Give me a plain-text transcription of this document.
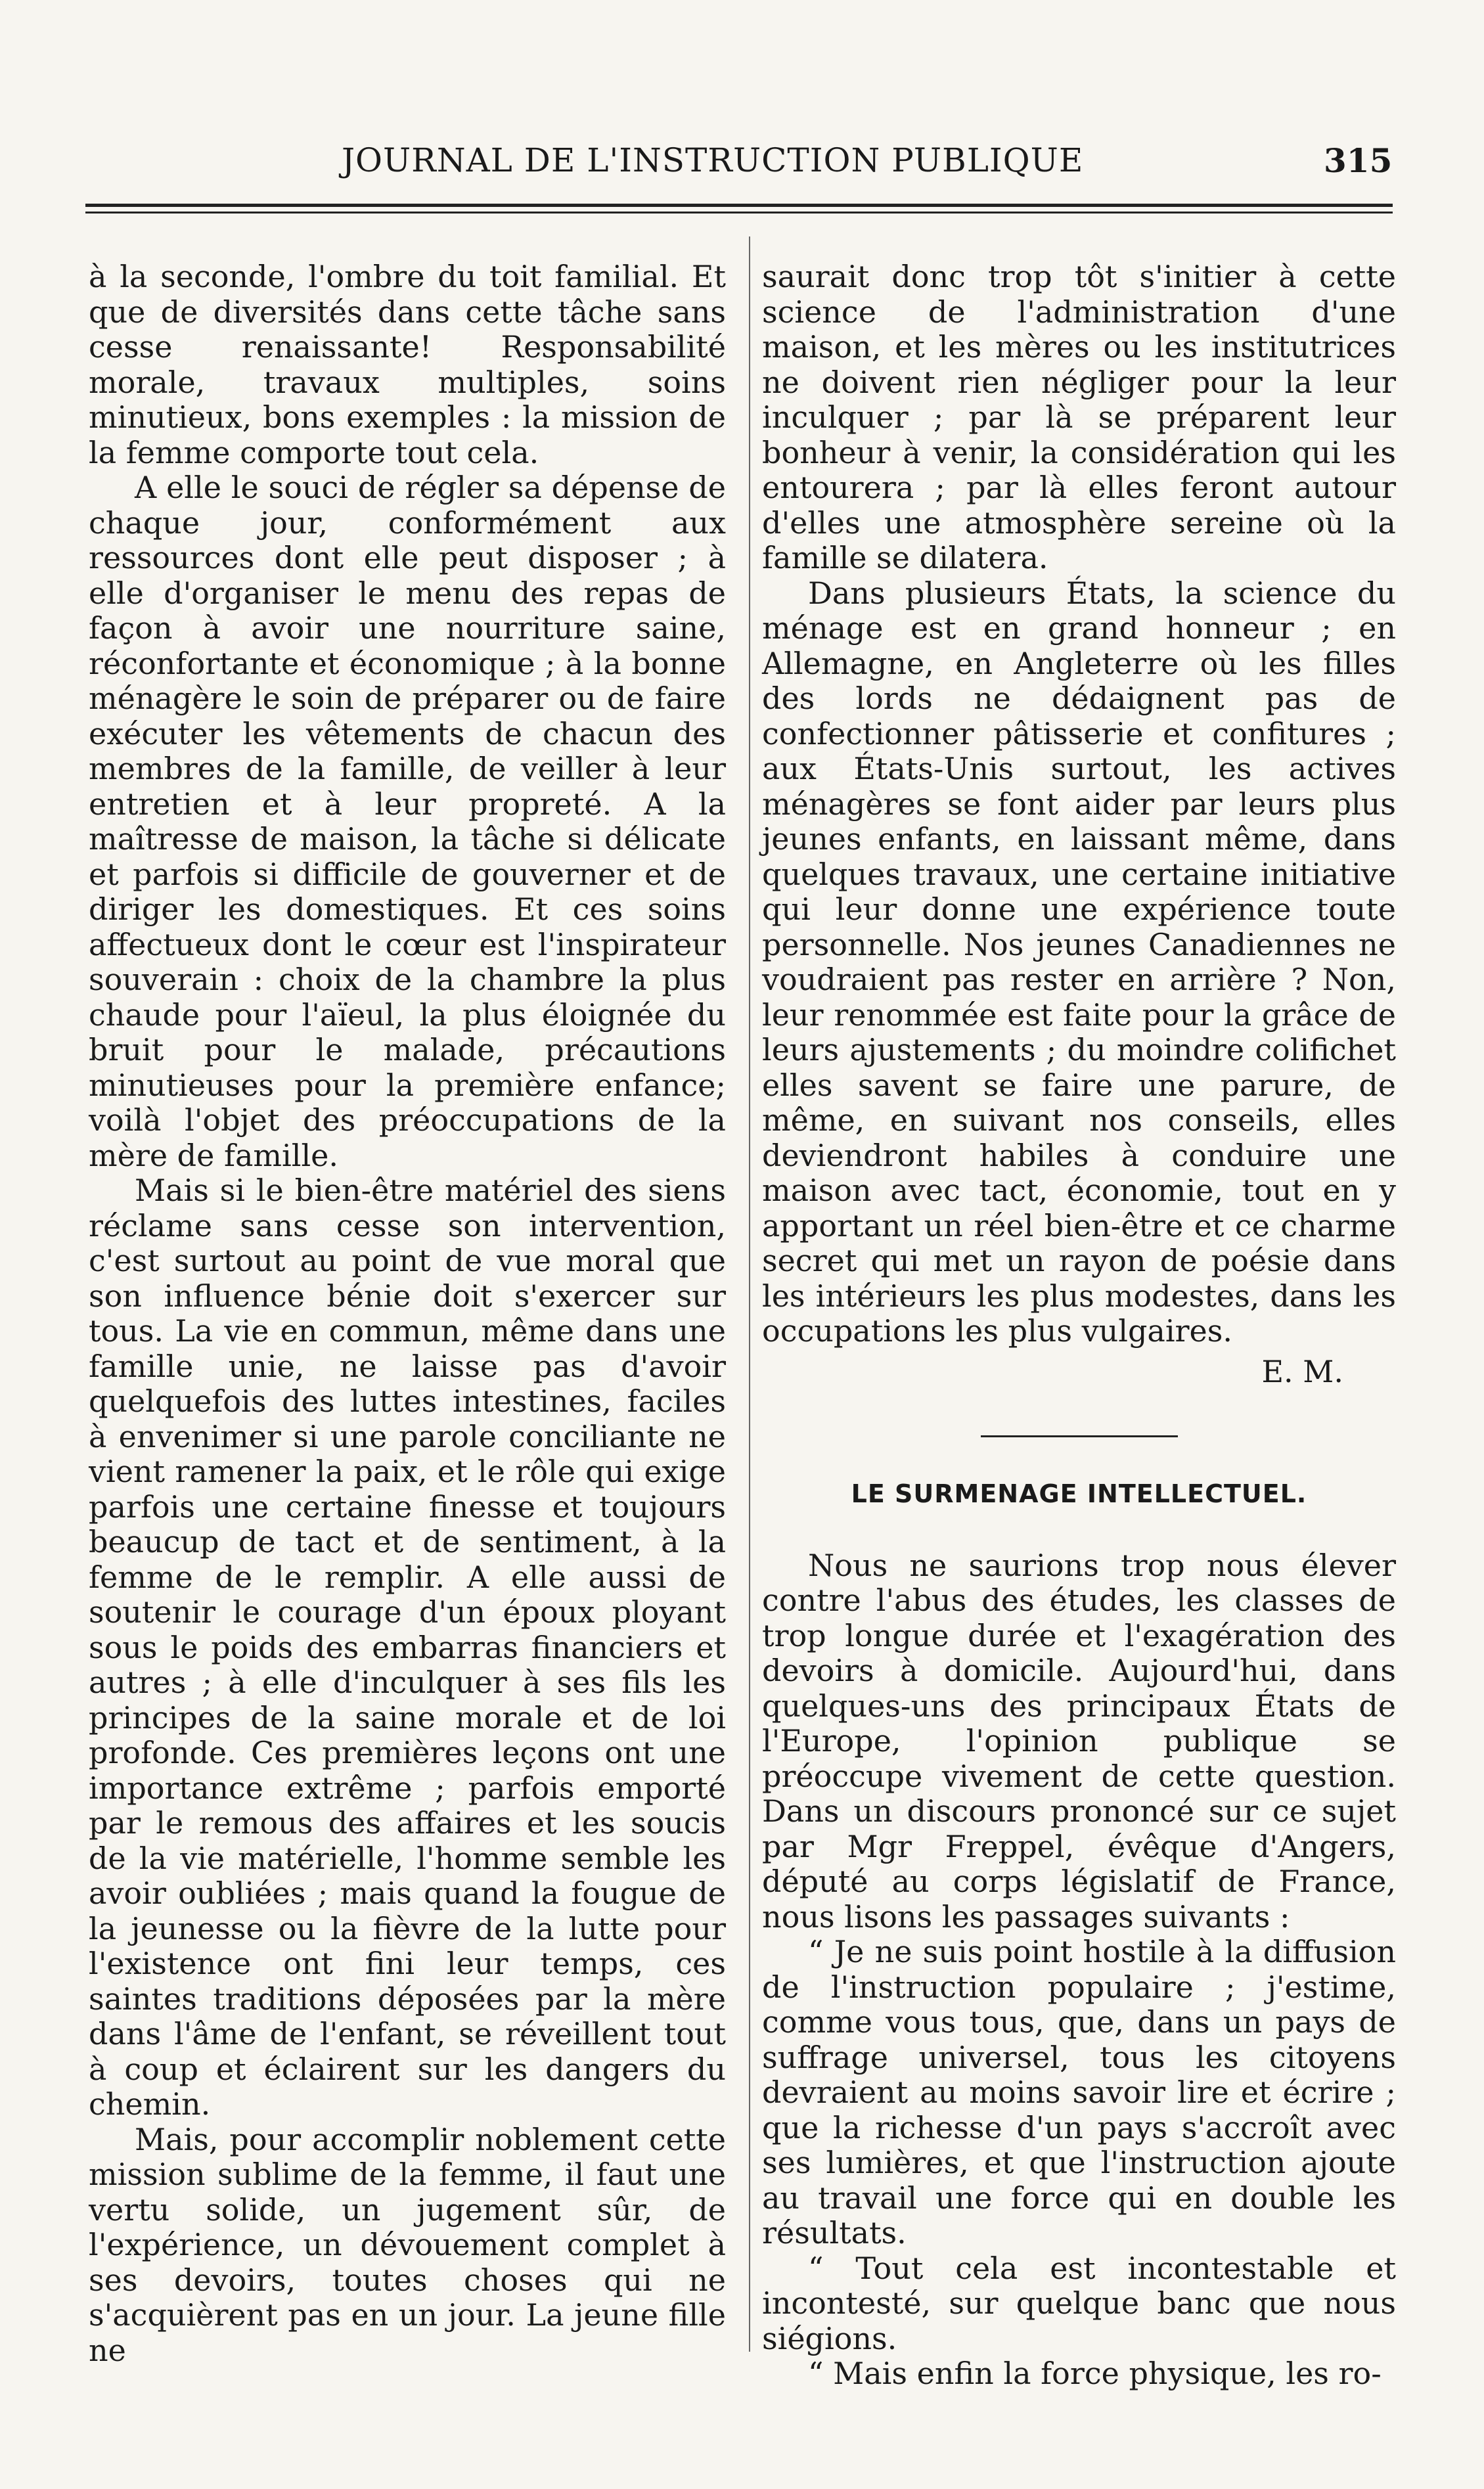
JOURNAL DE L'INSTRUCTION PUBLIQUE	315

à la seconde, l'ombre du toit familial. Et que de diversités dans cette tâche sans cesse renaissante! Responsabilité morale, travaux multiples, soins minutieux, bons exemples : la mission de la femme comporte tout cela.

A elle le souci de régler sa dépense de chaque jour, conformément aux ressources dont elle peut disposer ; à elle d'organiser le menu des repas de façon à avoir une nourriture saine, réconfortante et économique ; à la bonne ménagère le soin de préparer ou de faire exécuter les vêtements de chacun des membres de la famille, de veiller à leur entretien et à leur propreté. A la maîtresse de maison, la tâche si délicate et parfois si difficile de gouverner et de diriger les domestiques. Et ces soins affectueux dont le cœur est l'inspirateur souverain : choix de la chambre la plus chaude pour l'aïeul, la plus éloignée du bruit pour le malade, précautions minutieuses pour la première enfance; voilà l'objet des préoccupations de la mère de famille.

Mais si le bien-être matériel des siens réclame sans cesse son intervention, c'est surtout au point de vue moral que son influence bénie doit s'exercer sur tous. La vie en commun, même dans une famille unie, ne laisse pas d'avoir quelquefois des luttes intestines, faciles à envenimer si une parole conciliante ne vient ramener la paix, et le rôle qui exige parfois une certaine finesse et toujours beaucup de tact et de sentiment, à la femme de le remplir. A elle aussi de soutenir le courage d'un époux ployant sous le poids des embarras financiers et autres ; à elle d'inculquer à ses fils les principes de la saine morale et de loi profonde. Ces premières leçons ont une importance extrême ; parfois emporté par le remous des affaires et les soucis de la vie matérielle, l'homme semble les avoir oubliées ; mais quand la fougue de la jeunesse ou la fièvre de la lutte pour l'existence ont fini leur temps, ces saintes traditions déposées par la mère dans l'âme de l'enfant, se réveillent tout à coup et éclairent sur les dangers du chemin.

Mais, pour accomplir noblement cette mission sublime de la femme, il faut une vertu solide, un jugement sûr, de l'expérience, un dévouement complet à ses devoirs, toutes choses qui ne s'acquièrent pas en un jour. La jeune fille ne

saurait donc trop tôt s'initier à cette science de l'administration d'une maison, et les mères ou les institutrices ne doivent rien négliger pour la leur inculquer ; par là se préparent leur bonheur à venir, la considération qui les entourera ; par là elles feront autour d'elles une atmosphère sereine où la famille se dilatera.

Dans plusieurs États, la science du ménage est en grand honneur ; en Allemagne, en Angleterre où les filles des lords ne dédaignent pas de confectionner pâtisserie et confitures ; aux États-Unis surtout, les actives ménagères se font aider par leurs plus jeunes enfants, en laissant même, dans quelques travaux, une certaine initiative qui leur donne une expérience toute personnelle. Nos jeunes Canadiennes ne voudraient pas rester en arrière ? Non, leur renommée est faite pour la grâce de leurs ajustements ; du moindre colifichet elles savent se faire une parure, de même, en suivant nos conseils, elles deviendront habiles à conduire une maison avec tact, économie, tout en y apportant un réel bien-être et ce charme secret qui met un rayon de poésie dans les intérieurs les plus modestes, dans les occupations les plus vulgaires.

E. M.

LE SURMENAGE INTELLECTUEL.

Nous ne saurions trop nous élever contre l'abus des études, les classes de trop longue durée et l'exagération des devoirs à domicile. Aujourd'hui, dans quelques-uns des principaux États de l'Europe, l'opinion publique se préoccupe vivement de cette question. Dans un discours prononcé sur ce sujet par Mgr Freppel, évêque d'Angers, député au corps législatif de France, nous lisons les passages suivants :

“ Je ne suis point hostile à la diffusion de l'instruction populaire ; j'estime, comme vous tous, que, dans un pays de suffrage universel, tous les citoyens devraient au moins savoir lire et écrire ; que la richesse d'un pays s'accroît avec ses lumières, et que l'instruction ajoute au travail une force qui en double les résultats.

“ Tout cela est incontestable et incontesté, sur quelque banc que nous siégions.

“ Mais enfin la force physique, les ro-
